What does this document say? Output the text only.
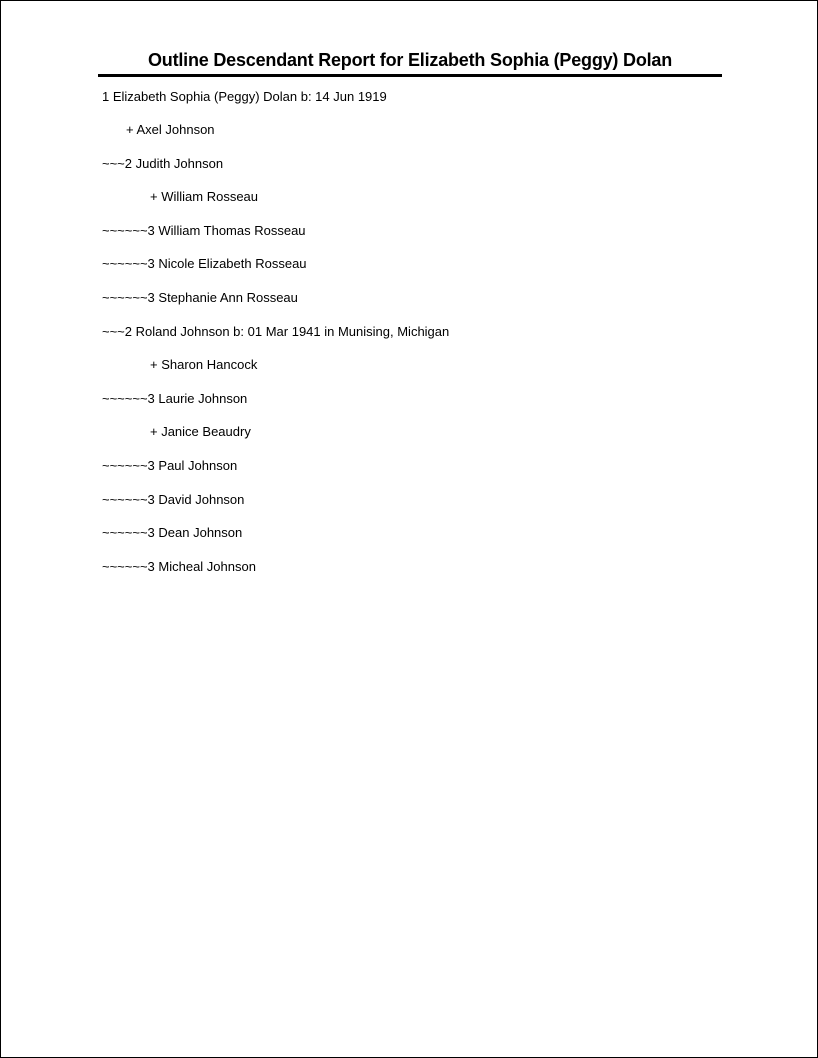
Outline Descendant Report for Elizabeth Sophia (Peggy) Dolan
1 Elizabeth Sophia (Peggy) Dolan b: 14 Jun 1919
+ Axel Johnson
~~~2 Judith Johnson
+ William Rosseau
~~~~~~3 William Thomas Rosseau
~~~~~~3 Nicole Elizabeth Rosseau
~~~~~~3 Stephanie Ann Rosseau
~~~2 Roland Johnson b: 01 Mar 1941 in Munising, Michigan
+ Sharon Hancock
~~~~~~3 Laurie Johnson
+ Janice Beaudry
~~~~~~3 Paul Johnson
~~~~~~3 David Johnson
~~~~~~3 Dean Johnson
~~~~~~3 Micheal Johnson
